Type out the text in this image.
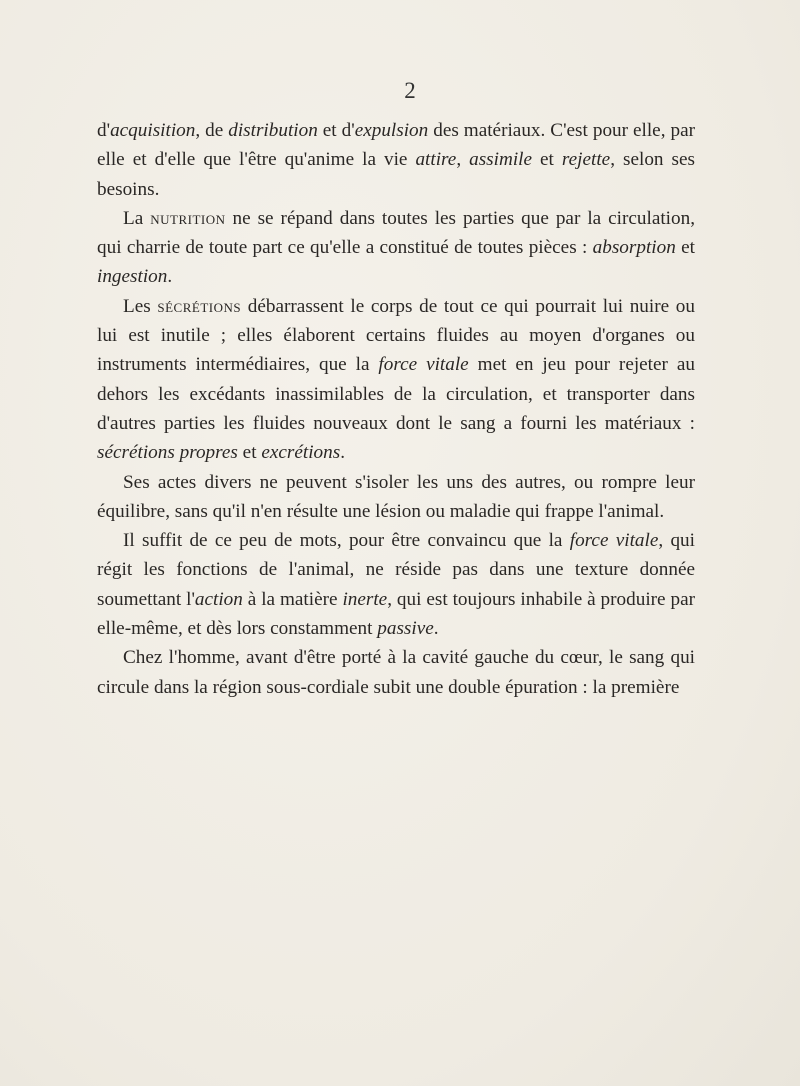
2

d'acquisition, de distribution et d'expulsion des matériaux. C'est pour elle, par elle et d'elle que l'être qu'anime la vie attire, assimile et rejette, selon ses besoins.

La nutrition ne se répand dans toutes les parties que par la circulation, qui charrie de toute part ce qu'elle a constitué de toutes pièces : absorption et ingestion.

Les sécrétions débarrassent le corps de tout ce qui pourrait lui nuire ou lui est inutile ; elles élaborent certains fluides au moyen d'organes ou instruments intermédiaires, que la force vitale met en jeu pour rejeter au dehors les excédants inassimilables de la circulation, et transporter dans d'autres parties les fluides nouveaux dont le sang a fourni les matériaux : sécrétions propres et excrétions.

Ses actes divers ne peuvent s'isoler les uns des autres, ou rompre leur équilibre, sans qu'il n'en résulte une lésion ou maladie qui frappe l'animal.

Il suffit de ce peu de mots, pour être convaincu que la force vitale, qui régit les fonctions de l'animal, ne réside pas dans une texture donnée soumettant l'action à la matière inerte, qui est toujours inhabile à produire par elle-même, et dès lors constamment passive.

Chez l'homme, avant d'être porté à la cavité gauche du cœur, le sang qui circule dans la région sous-cordiale subit une double épuration : la première
